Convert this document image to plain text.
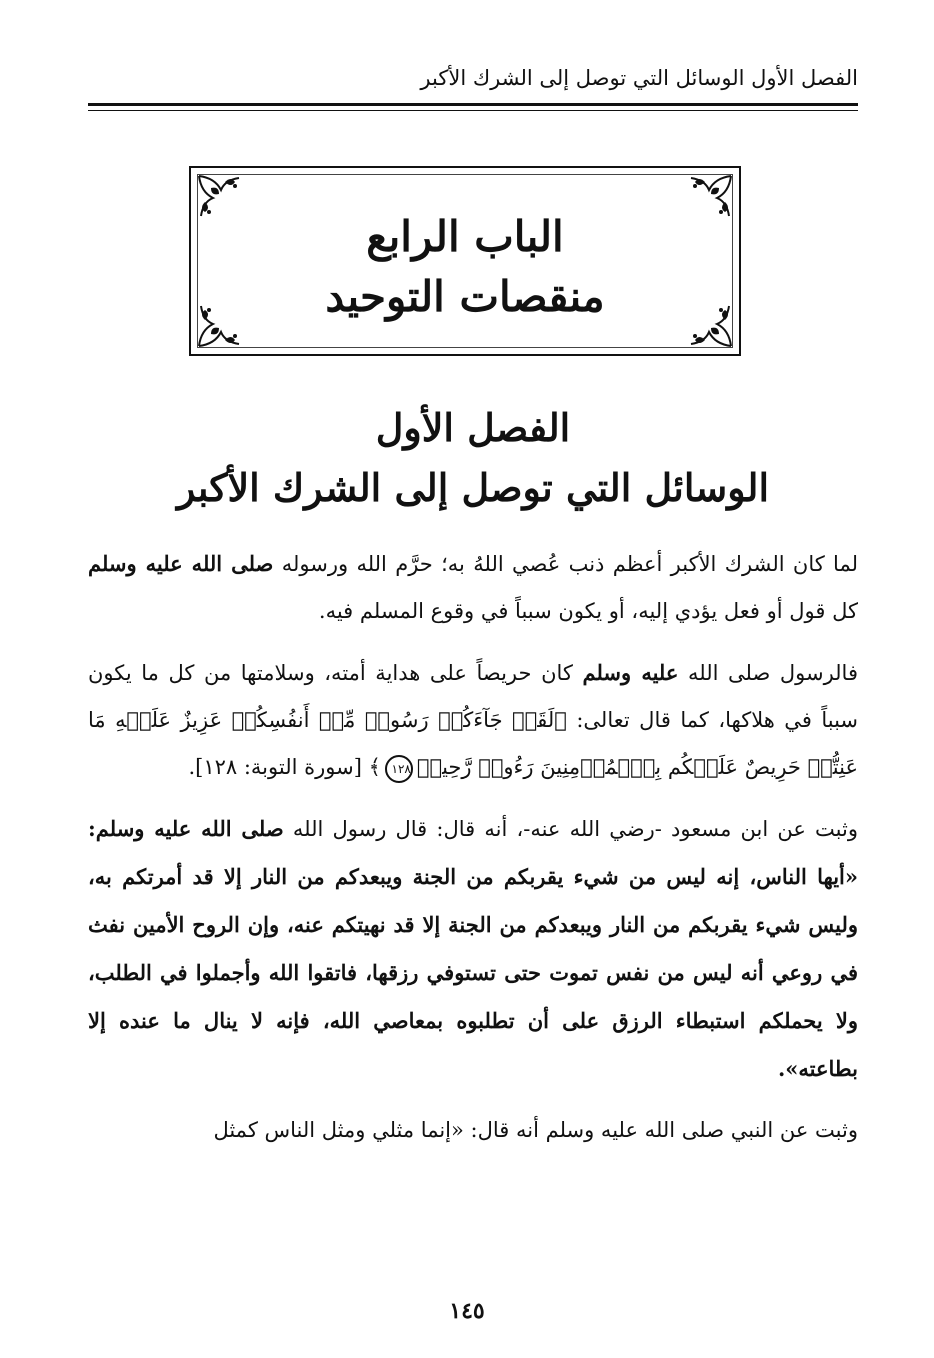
الفصل الأول الوسائل التي توصل إلى الشرك الأكبر
الباب الرابع
منقصات التوحيد
الفصل الأول
الوسائل التي توصل إلى الشرك الأكبر

لما كان الشرك الأكبر أعظم ذنب عُصي اللهُ به؛ حرَّم الله ورسوله صلى الله عليه وسلم كل قول أو فعل يؤدي إليه، أو يكون سبباً في وقوع المسلم فيه.

فالرسول صلى الله عليه وسلم كان حريصاً على هداية أمته، وسلامتها من كل ما يكون سبباً في هلاكها، كما قال تعالى: ﴿لَقَدۡ جَآءَكُمۡ رَسُولٞ مِّنۡ أَنفُسِكُمۡ عَزِيزٌ عَلَيۡهِ مَا عَنِتُّمۡ حَرِيصٌ عَلَيۡكُم بِٱلۡمُؤۡمِنِينَ رَءُوفٞ رَّحِيمٞ١٢٨﴾ [سورة التوبة: ١٢٨].

وثبت عن ابن مسعود -رضي الله عنه-، أنه قال: قال رسول الله صلى الله عليه وسلم: «أيها الناس، إنه ليس من شيء يقربكم من الجنة ويبعدكم من النار إلا قد أمرتكم به، وليس شيء يقربكم من النار ويبعدكم من الجنة إلا قد نهيتكم عنه، وإن الروح الأمين نفث في روعي أنه ليس من نفس تموت حتى تستوفي رزقها، فاتقوا الله وأجملوا في الطلب، ولا يحملكم استبطاء الرزق على أن تطلبوه بمعاصي الله، فإنه لا ينال ما عنده إلا بطاعته».

وثبت عن النبي صلى الله عليه وسلم أنه قال: «إنما مثلي ومثل الناس كمثل

١٤٥
